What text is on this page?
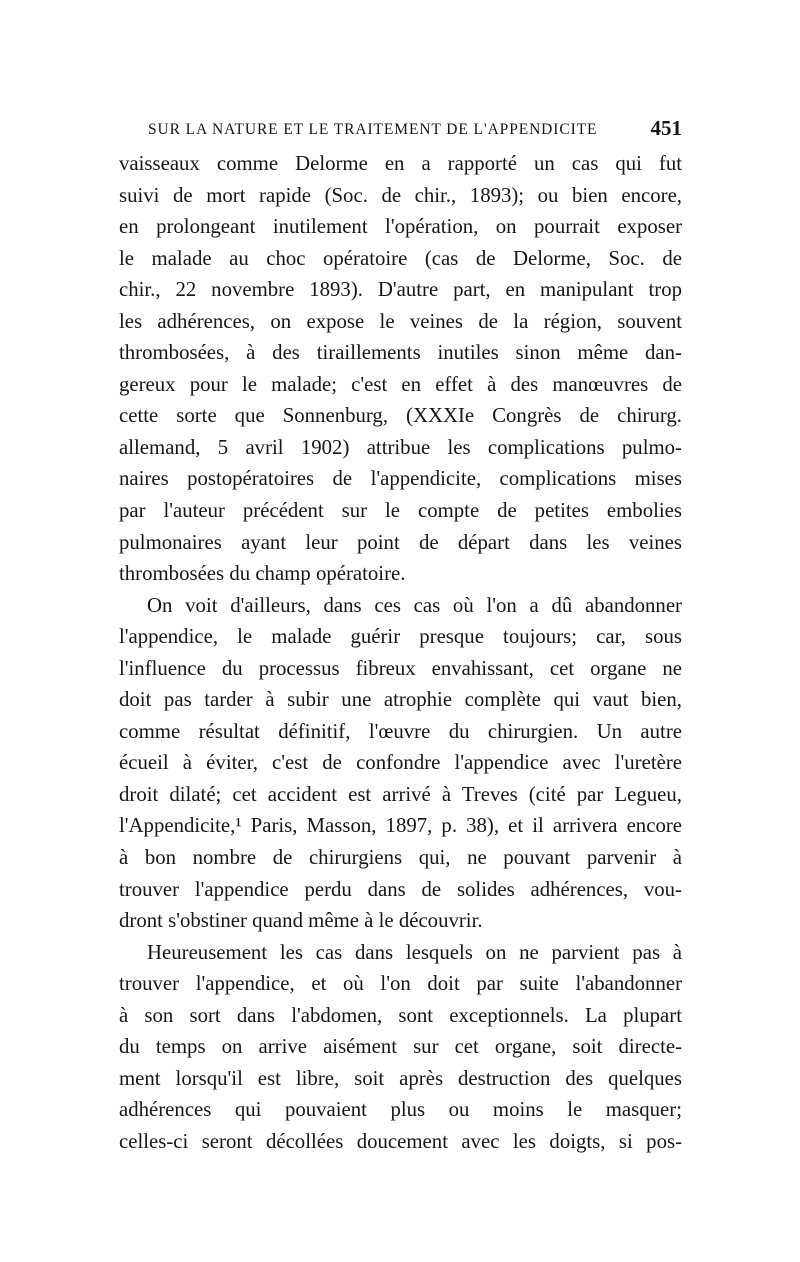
SUR LA NATURE ET LE TRAITEMENT DE L'APPENDICITE	451
vaisseaux comme Delorme en a rapporté un cas qui fut
suivi de mort rapide (Soc. de chir., 1893); ou bien encore,
en prolongeant inutilement l'opération, on pourrait exposer
le malade au choc opératoire (cas de Delorme, Soc. de
chir., 22 novembre 1893). D'autre part, en manipulant trop
les adhérences, on expose le veines de la région, souvent
thrombosées, à des tiraillements inutiles sinon même dan-
gereux pour le malade; c'est en effet à des manœuvres de
cette sorte que Sonnenburg, (XXXIe Congrès de chirurg.
allemand, 5 avril 1902) attribue les complications pulmo-
naires postopératoires de l'appendicite, complications mises
par l'auteur précédent sur le compte de petites embolies
pulmonaires ayant leur point de départ dans les veines
thrombosées du champ opératoire.
On voit d'ailleurs, dans ces cas où l'on a dû abandonner
l'appendice, le malade guérir presque toujours; car, sous
l'influence du processus fibreux envahissant, cet organe ne
doit pas tarder à subir une atrophie complète qui vaut bien,
comme résultat définitif, l'œuvre du chirurgien. Un autre
écueil à éviter, c'est de confondre l'appendice avec l'uretère
droit dilaté; cet accident est arrivé à Treves (cité par Legueu,
l'Appendicite,¹ Paris, Masson, 1897, p. 38), et il arrivera encore
à bon nombre de chirurgiens qui, ne pouvant parvenir à
trouver l'appendice perdu dans de solides adhérences, vou-
dront s'obstiner quand même à le découvrir.
Heureusement les cas dans lesquels on ne parvient pas à
trouver l'appendice, et où l'on doit par suite l'abandonner
à son sort dans l'abdomen, sont exceptionnels. La plupart
du temps on arrive aisément sur cet organe, soit directe-
ment lorsqu'il est libre, soit après destruction des quelques
adhérences qui pouvaient plus ou moins le masquer;
celles-ci seront décollées doucement avec les doigts, si pos-
